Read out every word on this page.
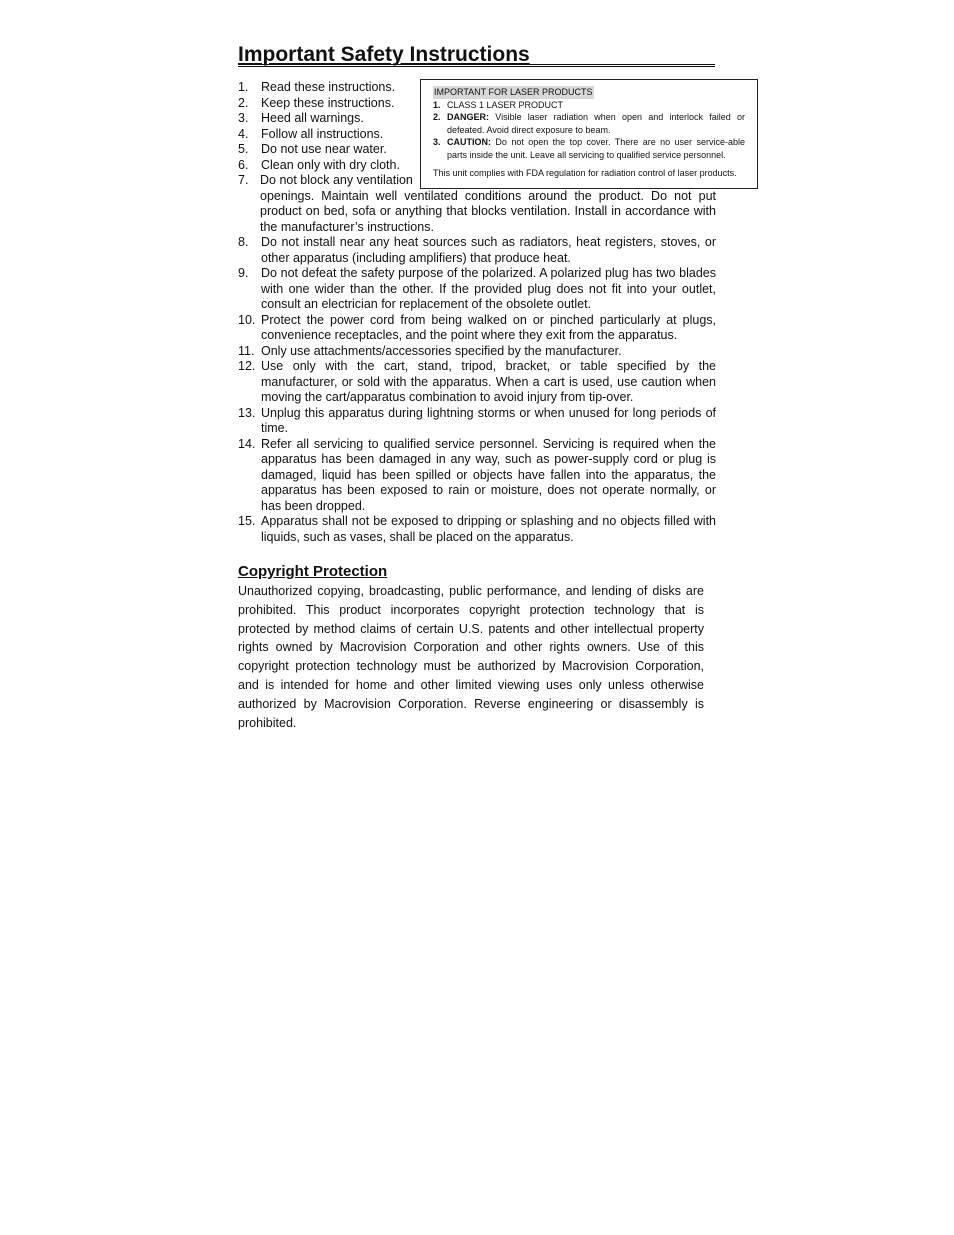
Important Safety Instructions
1.	Read these instructions.
2.	Keep these instructions.
3.	Heed all warnings.
4.	Follow all instructions.
5.	Do not use near water.
6.	Clean only with dry cloth.
7. Do not block any ventilation
openings. Maintain well ventilated conditions around the product. Do not put product on bed, sofa or anything that blocks ventilation. Install in accordance with the manufacturer’s instructions.
8.	Do not install near any heat sources such as radiators, heat registers, stoves, or other apparatus (including amplifiers) that produce heat.
9.	Do not defeat the safety purpose of the polarized. A polarized plug has two blades with one wider than the other. If the provided plug does not fit into your outlet, consult an electrician for replacement of the obsolete outlet.
10. Protect the power cord from being walked on or pinched particularly at plugs, convenience receptacles, and the point where they exit from the apparatus.
11. Only use attachments/accessories specified by the manufacturer.
12. Use only with the cart, stand, tripod, bracket, or table specified by the manufacturer, or sold with the apparatus. When a cart is used, use caution when moving the cart/apparatus combination to avoid injury from tip-over.
13. Unplug this apparatus during lightning storms or when unused for long periods of time.
14. Refer all servicing to qualified service personnel. Servicing is required when the apparatus has been damaged in any way, such as power-supply cord or plug is damaged, liquid has been spilled or objects have fallen into the apparatus, the apparatus has been exposed to rain or moisture, does not operate normally, or has been dropped.
15. Apparatus shall not be exposed to dripping or splashing and no objects filled with liquids, such as vases, shall be placed on the apparatus.
IMPORTANT FOR LASER PRODUCTS
1. CLASS 1 LASER PRODUCT
2. DANGER: Visible laser radiation when open and interlock failed or defeated. Avoid direct exposure to beam.
3. CAUTION: Do not open the top cover. There are no user service-able parts inside the unit. Leave all servicing to qualified service personnel.
This unit complies with FDA regulation for radiation control of laser products.
Copyright Protection

Unauthorized copying, broadcasting, public performance, and lending of disks are prohibited. This product incorporates copyright protection technology that is protected by method claims of certain U.S. patents and other intellectual property rights owned by Macrovision Corporation and other rights owners. Use of this copyright protection technology must be authorized by Macrovision Corporation, and is intended for home and other limited viewing uses only unless otherwise authorized by Macrovision Corporation. Reverse engineering or disassembly is prohibited.
